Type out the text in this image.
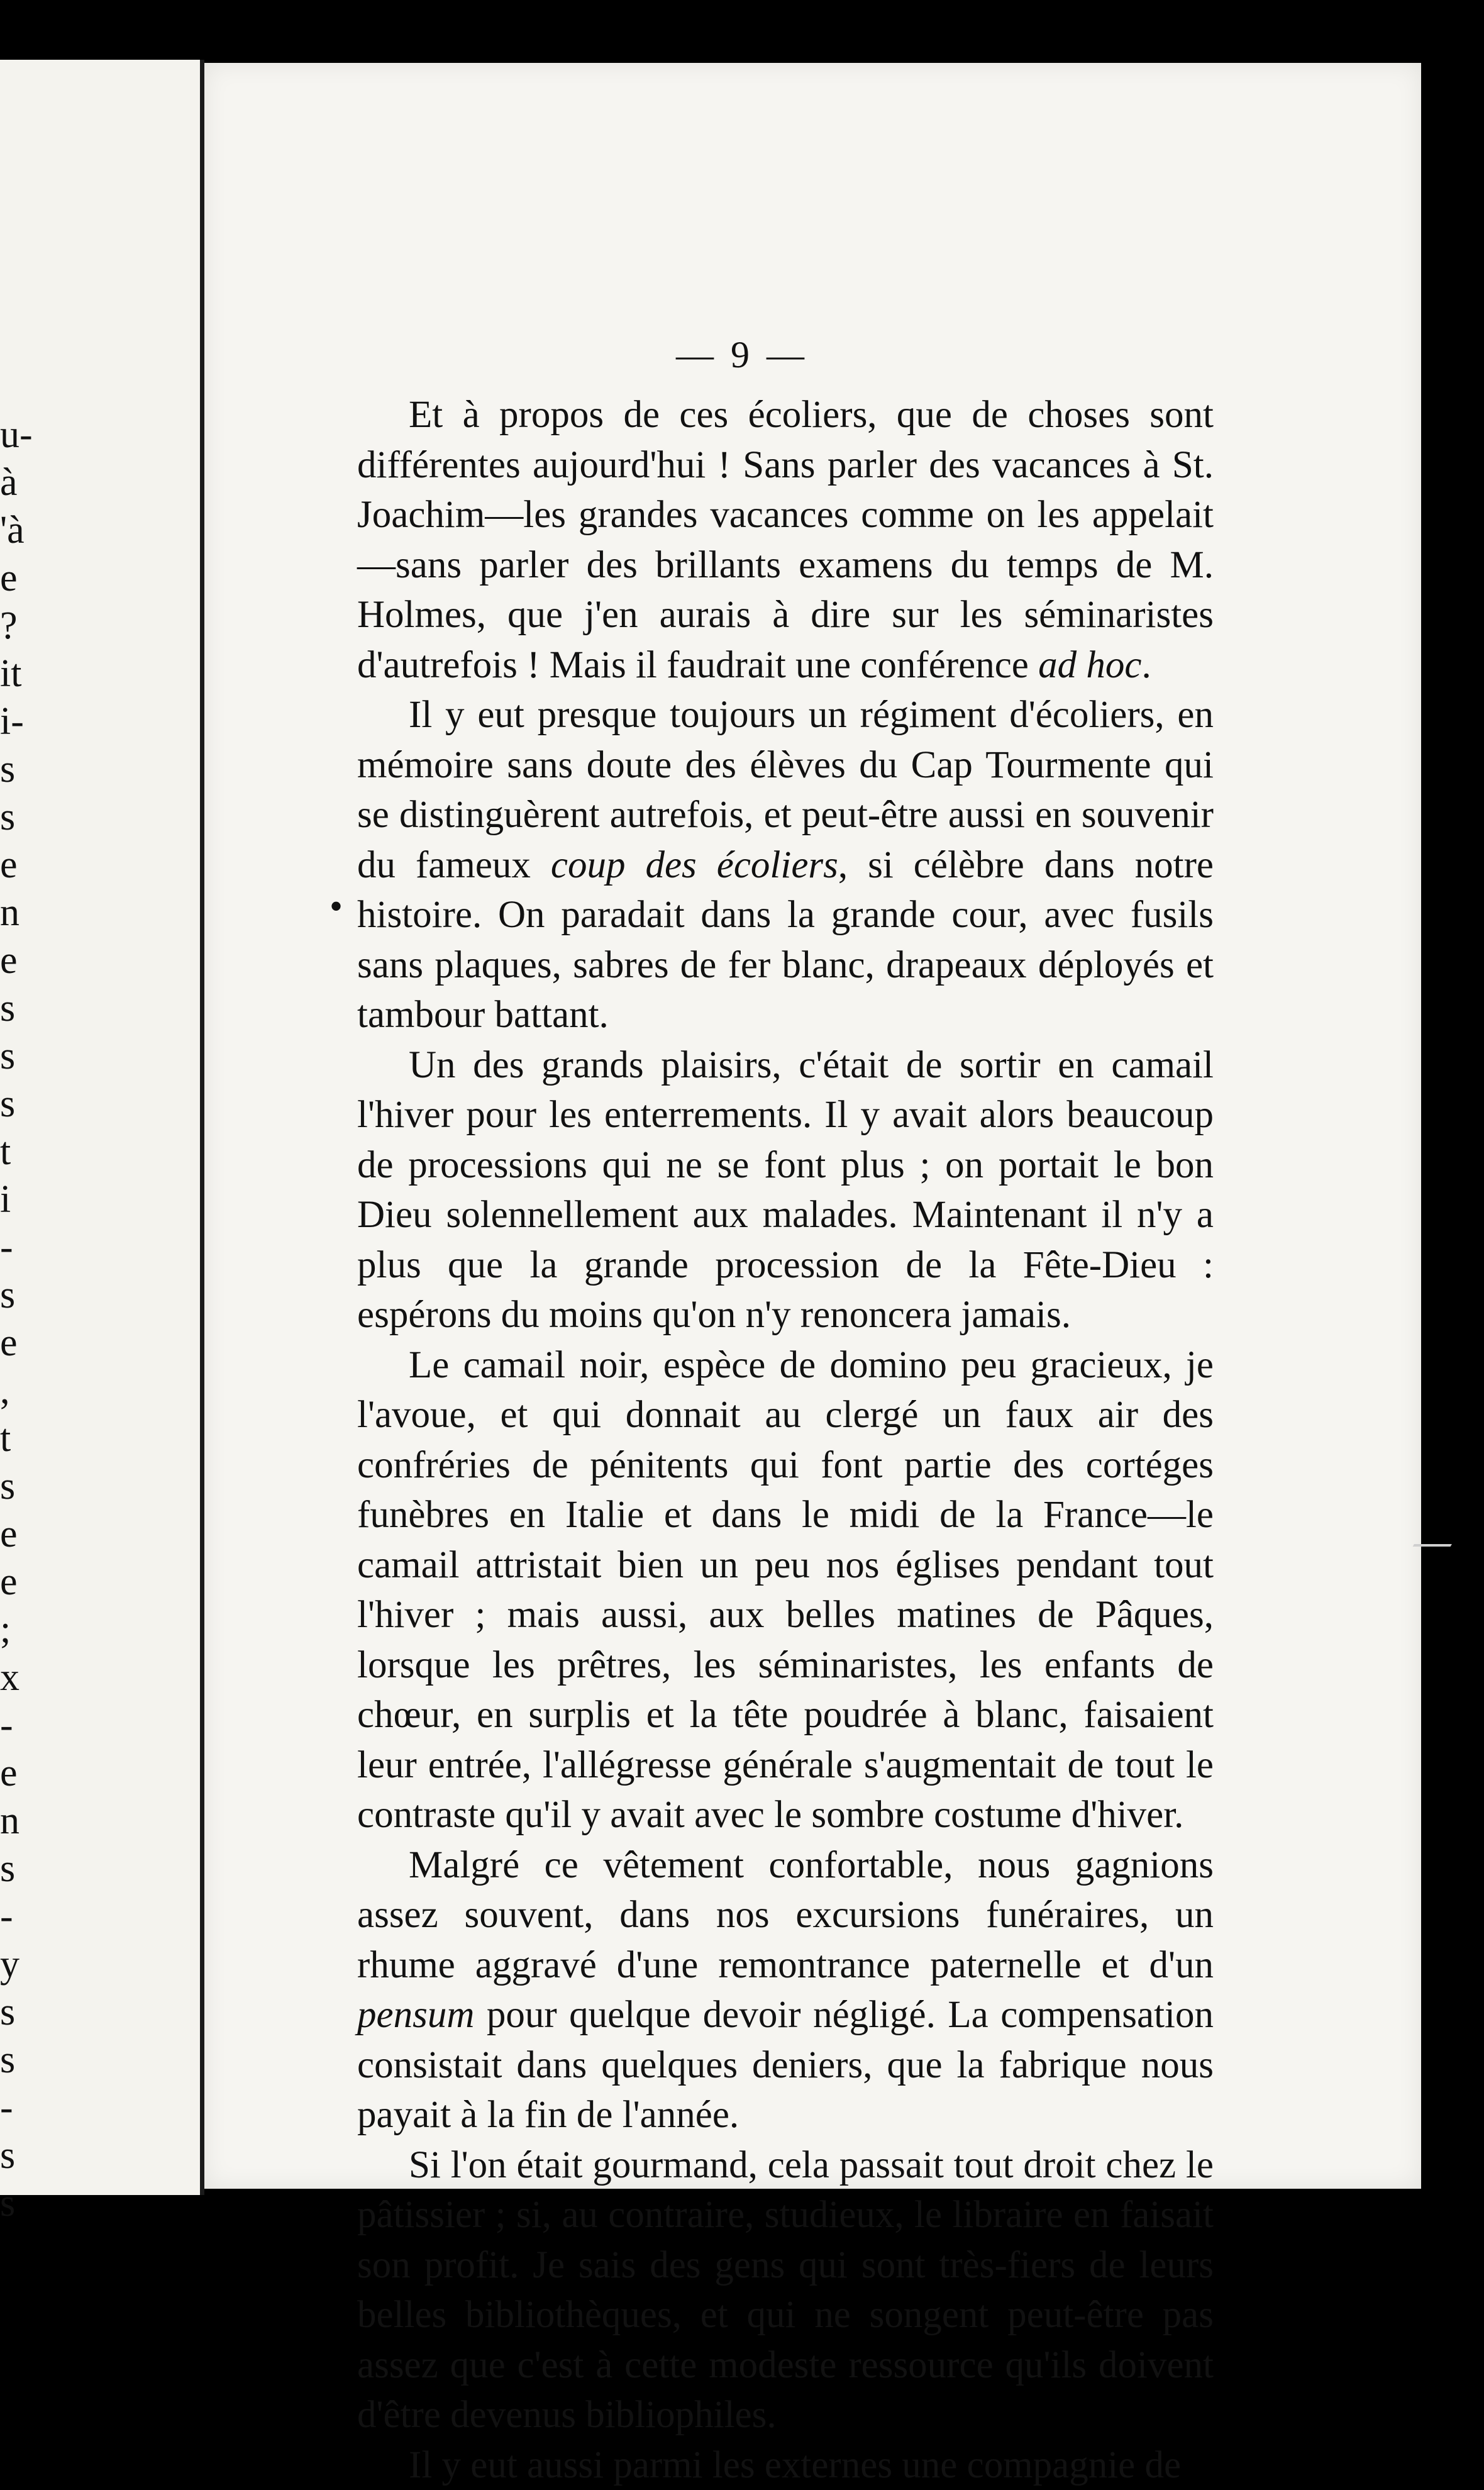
u-
à
'à
e
?
it
i-
s
s
e
n
e
s
s
s
t
i
-
s
e
,
t
s
e
e
;
x
-
e
n
s
-
y
s
s
-
s
s
— 9 —
•

Et à propos de ces écoliers, que de choses sont différentes aujourd'hui ! Sans parler des vacances à St. Joachim—les grandes vacances comme on les appelait—sans parler des brillants examens du temps de M. Holmes, que j'en aurais à dire sur les séminaristes d'autrefois ! Mais il faudrait une conférence ad hoc.

Il y eut presque toujours un régiment d'écoliers, en mémoire sans doute des élèves du Cap Tourmente qui se distinguèrent autrefois, et peut-être aussi en souvenir du fameux coup des écoliers, si célèbre dans notre histoire. On paradait dans la grande cour, avec fusils sans plaques, sabres de fer blanc, drapeaux déployés et tambour battant.

Un des grands plaisirs, c'était de sortir en camail l'hiver pour les enterrements. Il y avait alors beaucoup de processions qui ne se font plus ; on portait le bon Dieu solennellement aux malades. Maintenant il n'y a plus que la grande procession de la Fête-Dieu : espérons du moins qu'on n'y renoncera jamais.

Le camail noir, espèce de domino peu gracieux, je l'avoue, et qui donnait au clergé un faux air des confréries de pénitents qui font partie des cortéges funèbres en Italie et dans le midi de la France—le camail attristait bien un peu nos églises pendant tout l'hiver ; mais aussi, aux belles matines de Pâques, lorsque les prêtres, les séminaristes, les enfants de chœur, en surplis et la tête poudrée à blanc, faisaient leur entrée, l'allégresse générale s'augmentait de tout le contraste qu'il y avait avec le sombre costume d'hiver.

Malgré ce vêtement confortable, nous gagnions assez souvent, dans nos excursions funéraires, un rhume aggravé d'une remontrance paternelle et d'un pensum pour quelque devoir négligé. La compensation consistait dans quelques deniers, que la fabrique nous payait à la fin de l'année.

Si l'on était gourmand, cela passait tout droit chez le pâtissier ; si, au contraire, studieux, le libraire en faisait son profit. Je sais des gens qui sont très-fiers de leurs belles bibliothèques, et qui ne songent peut-être pas assez que c'est à cette modeste ressource qu'ils doivent d'être devenus bibliophiles.

Il y eut aussi parmi les externes une compagnie de
